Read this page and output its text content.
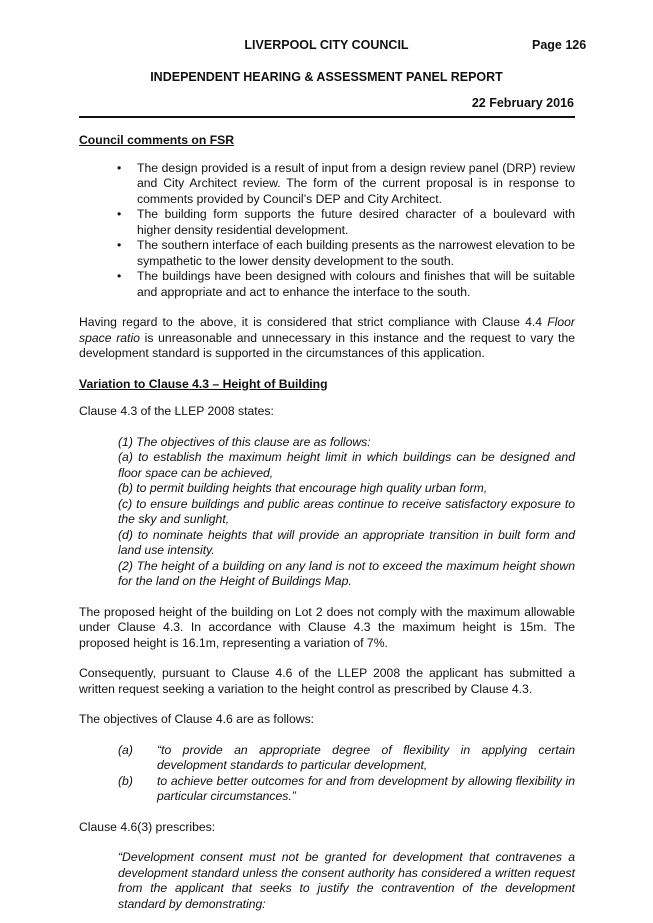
LIVERPOOL CITY COUNCIL	Page 126
INDEPENDENT HEARING & ASSESSMENT PANEL REPORT
22 February 2016
Council comments on FSR
• The design provided is a result of input from a design review panel (DRP) review and City Architect review. The form of the current proposal is in response to comments provided by Council’s DEP and City Architect.
• The building form supports the future desired character of a boulevard with higher density residential development.
• The southern interface of each building presents as the narrowest elevation to be sympathetic to the lower density development to the south.
• The buildings have been designed with colours and finishes that will be suitable and appropriate and act to enhance the interface to the south.

Having regard to the above, it is considered that strict compliance with Clause 4.4 Floor space ratio is unreasonable and unnecessary in this instance and the request to vary the development standard is supported in the circumstances of this application.

Variation to Clause 4.3 – Height of Building

Clause 4.3 of the LLEP 2008 states:

(1) The objectives of this clause are as follows:
(a) to establish the maximum height limit in which buildings can be designed and floor space can be achieved,
(b) to permit building heights that encourage high quality urban form,
(c) to ensure buildings and public areas continue to receive satisfactory exposure to the sky and sunlight,
(d) to nominate heights that will provide an appropriate transition in built form and land use intensity.
(2) The height of a building on any land is not to exceed the maximum height shown for the land on the Height of Buildings Map.

The proposed height of the building on Lot 2 does not comply with the maximum allowable under Clause 4.3. In accordance with Clause 4.3 the maximum height is 15m. The proposed height is 16.1m, representing a variation of 7%.

Consequently, pursuant to Clause 4.6 of the LLEP 2008 the applicant has submitted a written request seeking a variation to the height control as prescribed by Clause 4.3.

The objectives of Clause 4.6 are as follows:

(a)	“to provide an appropriate degree of flexibility in applying certain development standards to particular development,
(b)	to achieve better outcomes for and from development by allowing flexibility in particular circumstances.”

Clause 4.6(3) prescribes:

“Development consent must not be granted for development that contravenes a development standard unless the consent authority has considered a written request from the applicant that seeks to justify the contravention of the development standard by demonstrating:
